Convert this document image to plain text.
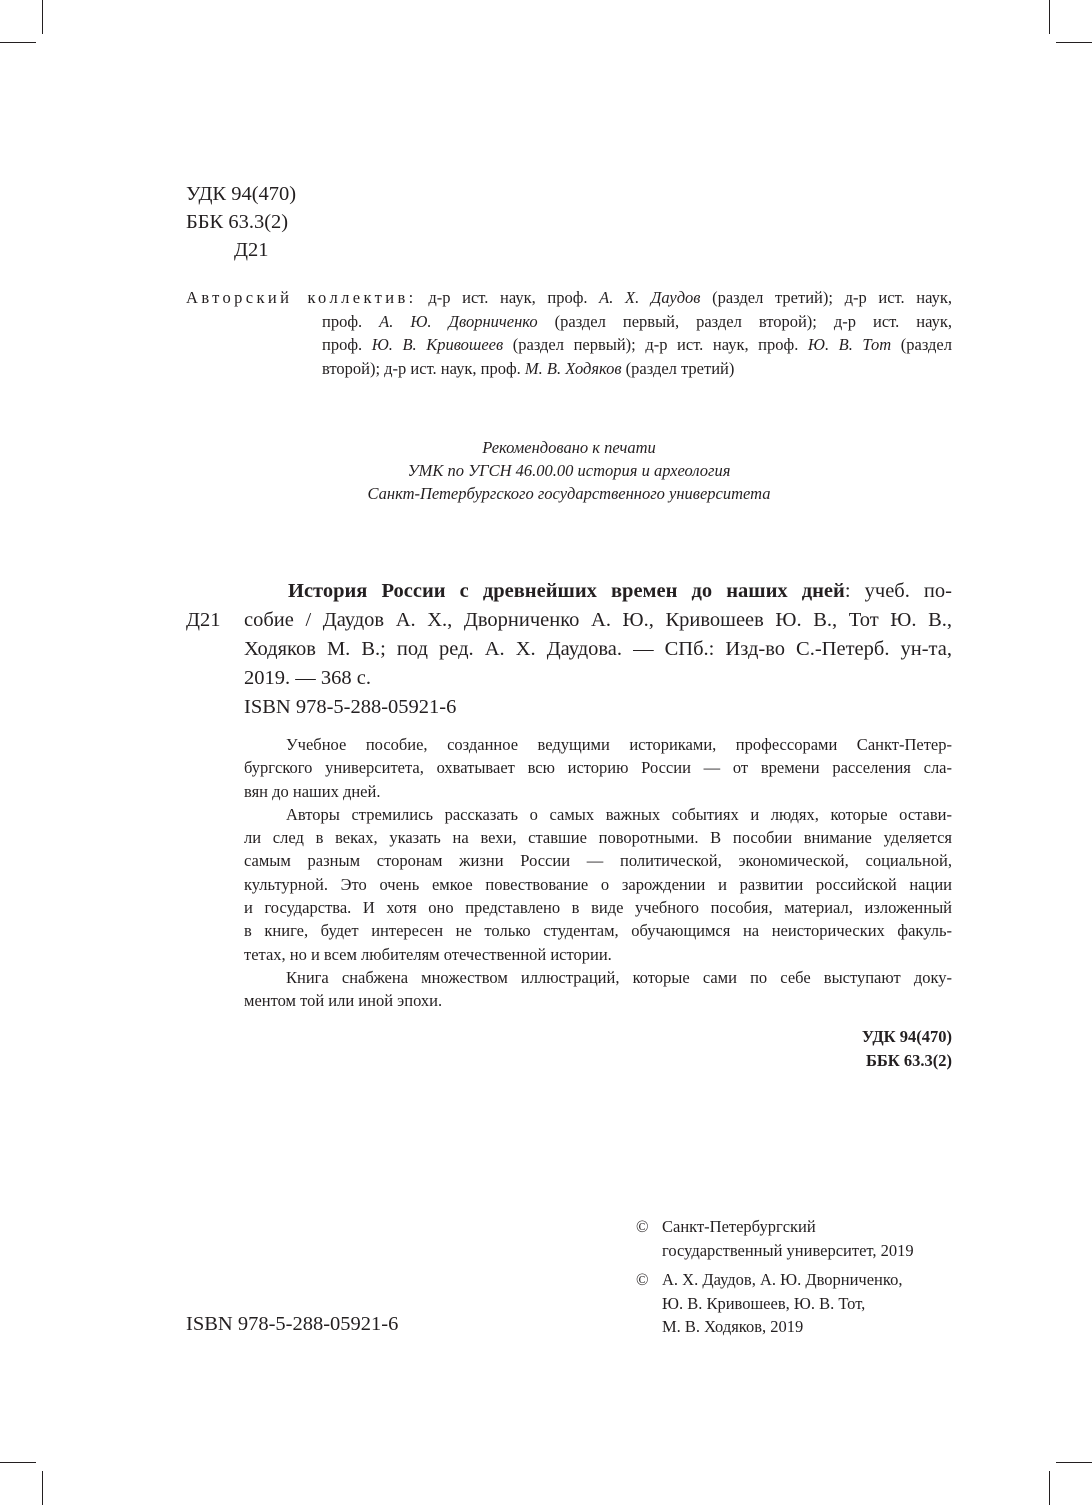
УДК 94(470)
ББК 63.3(2)
Д21
Авторский коллектив: д-р ист. наук, проф. А. Х. Даудов (раздел третий); д-р ист. наук,
проф. А. Ю. Дворниченко (раздел первый, раздел второй); д-р ист. наук,
проф. Ю. В. Кривошеев (раздел первый); д-р ист. наук, проф. Ю. В. Тот (раздел
второй); д-р ист. наук, проф. М. В. Ходяков (раздел третий)
Рекомендовано к печати
УМК по УГСН 46.00.00 история и археология
Санкт-Петербургского государственного университета
История России с древнейших времен до наших дней: учеб. по-
Д21 собие / Даудов А. Х., Дворниченко А. Ю., Кривошеев Ю. В., Тот Ю. В.,
Ходяков М. В.; под ред. А. Х. Даудова. — СПб.: Изд-во С.-Петерб. ун-та,
2019. — 368 с.
ISBN 978-5-288-05921-6
Учебное пособие, созданное ведущими историками, профессорами Санкт-Петер-
бургского университета, охватывает всю историю России — от времени расселения сла-
вян до наших дней.
Авторы стремились рассказать о самых важных событиях и людях, которые остави-
ли след в веках, указать на вехи, ставшие поворотными. В пособии внимание уделяется
самым разным сторонам жизни России — политической, экономической, социальной,
культурной. Это очень емкое повествование о зарождении и развитии российской нации
и государства. И хотя оно представлено в виде учебного пособия, материал, изложенный
в книге, будет интересен не только студентам, обучающимся на неисторических факуль-
тетах, но и всем любителям отечественной истории.
Книга снабжена множеством иллюстраций, которые сами по себе выступают доку-
ментом той или иной эпохи.
УДК 94(470)
ББК 63.3(2)
ISBN 978-5-288-05921-6
© Санкт-Петербургский
государственный университет, 2019
© А. Х. Даудов, А. Ю. Дворниченко,
Ю. В. Кривошеев, Ю. В. Тот,
М. В. Ходяков, 2019
